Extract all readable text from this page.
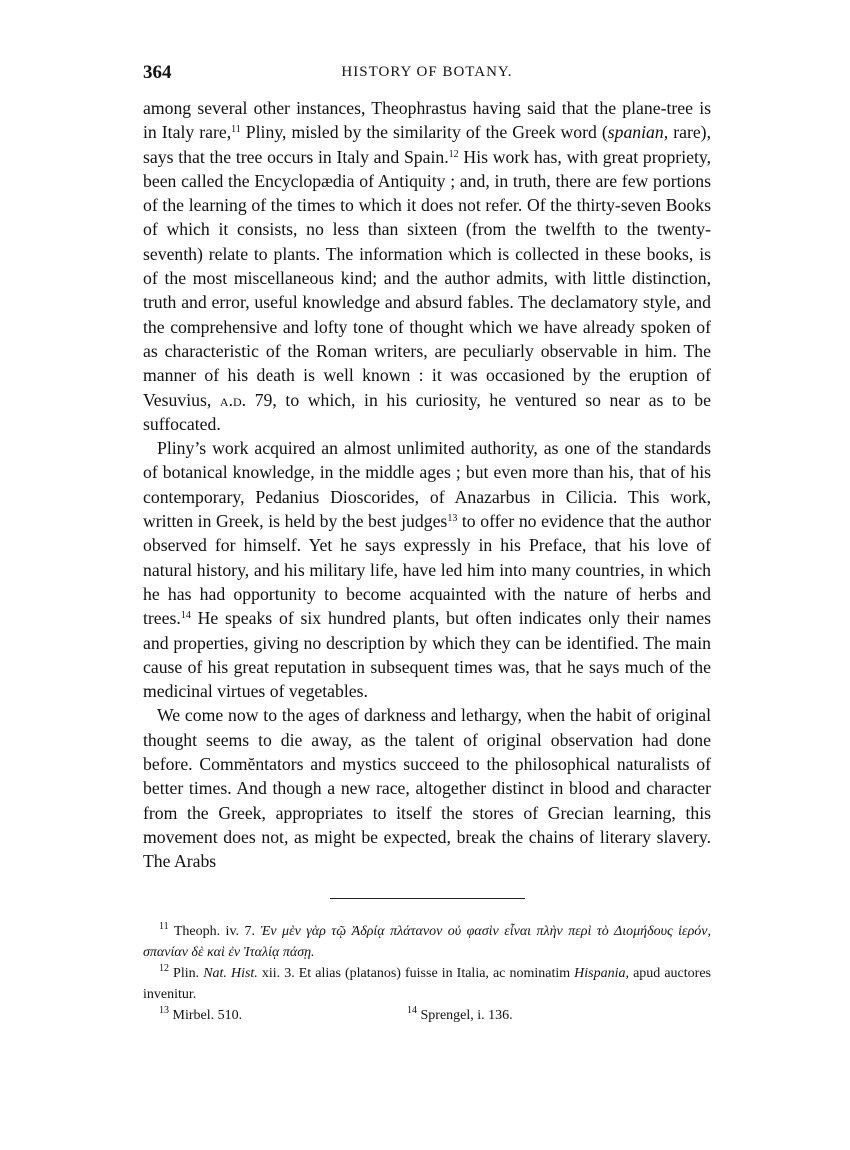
364	HISTORY OF BOTANY.

among several other instances, Theophrastus having said that the plane-tree is in Italy rare,$^{11}$ Pliny, misled by the similarity of the Greek word (spanian, rare), says that the tree occurs in Italy and Spain.$^{12}$ His work has, with great propriety, been called the Encyclopædia of Antiquity ; and, in truth, there are few portions of the learning of the times to which it does not refer. Of the thirty-seven Books of which it consists, no less than sixteen (from the twelfth to the twenty-seventh) relate to plants. The information which is collected in these books, is of the most miscellaneous kind; and the author admits, with little distinction, truth and error, useful knowledge and absurd fables. The declamatory style, and the comprehensive and lofty tone of thought which we have already spoken of as characteristic of the Roman writers, are peculiarly observable in him. The manner of his death is well known : it was occasioned by the eruption of Vesuvius, a.d. 79, to which, in his curiosity, he ventured so near as to be suffocated.

Pliny’s work acquired an almost unlimited authority, as one of the standards of botanical knowledge, in the middle ages ; but even more than his, that of his contemporary, Pedanius Dioscorides, of Anazarbus in Cilicia. This work, written in Greek, is held by the best judges$^{13}$ to offer no evidence that the author observed for himself. Yet he says expressly in his Preface, that his love of natural history, and his military life, have led him into many countries, in which he has had opportunity to become acquainted with the nature of herbs and trees.$^{14}$ He speaks of six hundred plants, but often indicates only their names and properties, giving no description by which they can be identified. The main cause of his great reputation in subsequent times was, that he says much of the medicinal virtues of vegetables.

We come now to the ages of darkness and lethargy, when the habit of original thought seems to die away, as the talent of original observation had done before. Commĕntators and mystics succeed to the philosophical naturalists of better times. And though a new race, altogether distinct in blood and character from the Greek, appropriates to itself the stores of Grecian learning, this movement does not, as might be expected, break the chains of literary slavery. The Arabs

$^{11}$ Theoph. iv. 7. Ἐν μὲν γὰρ τῷ Ἀδρίᾳ πλάτανον οὐ φασὶν εἶναι πλὴν περὶ τὸ Διομήδους ἱερόν, σπανίαν δὲ καὶ ἐν Ἰταλίᾳ πάσῃ.

$^{12}$ Plin. Nat. Hist. xii. 3. Et alias (platanos) fuisse in Italia, ac nominatim Hispania, apud auctores invenitur.

$^{13}$ Mirbel. 510.	$^{14}$ Sprengel, i. 136.
